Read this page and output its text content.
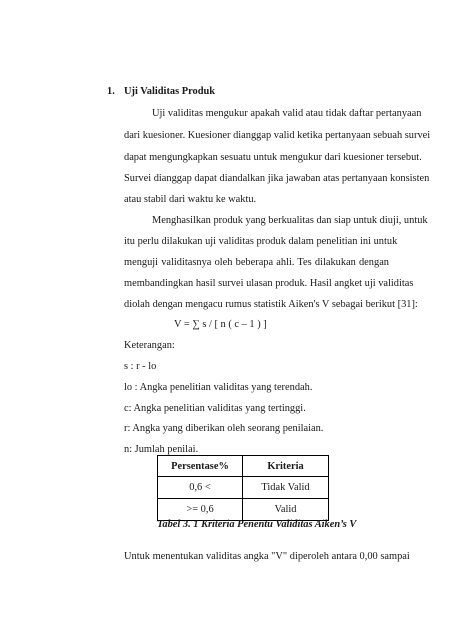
1. Uji Validitas Produk
Uji validitas mengukur apakah valid atau tidak daftar pertanyaan
dari kuesioner. Kuesioner dianggap valid ketika pertanyaan sebuah survei
dapat mengungkapkan sesuatu untuk mengukur dari kuesioner tersebut.
Survei dianggap dapat diandalkan jika jawaban atas pertanyaan konsisten
atau stabil dari waktu ke waktu.
Menghasilkan produk yang berkualitas dan siap untuk diuji, untuk
itu perlu dilakukan uji validitas produk dalam penelitian ini untuk
menguji validitasnya oleh beberapa ahli. Tes dilakukan dengan
membandingkan hasil survei ulasan produk. Hasil angket uji validitas
diolah dengan mengacu rumus statistik Aiken's V sebagai berikut [31]:
V = ∑ s / [ n ( c – 1 ) ]
Keterangan:
s : r - lo
lo : Angka penelitian validitas yang terendah.
c: Angka penelitian validitas yang tertinggi.
r: Angka yang diberikan oleh seorang penilaian.
n: Jumlah penilai.
Persentase%	Kriteria
0,6 <	Tidak Valid
>= 0,6	Valid
Tabel 3. 1 Kriteria Penentu Validitas Aiken’s V
Untuk menentukan validitas angka "V" diperoleh antara 0,00 sampai
